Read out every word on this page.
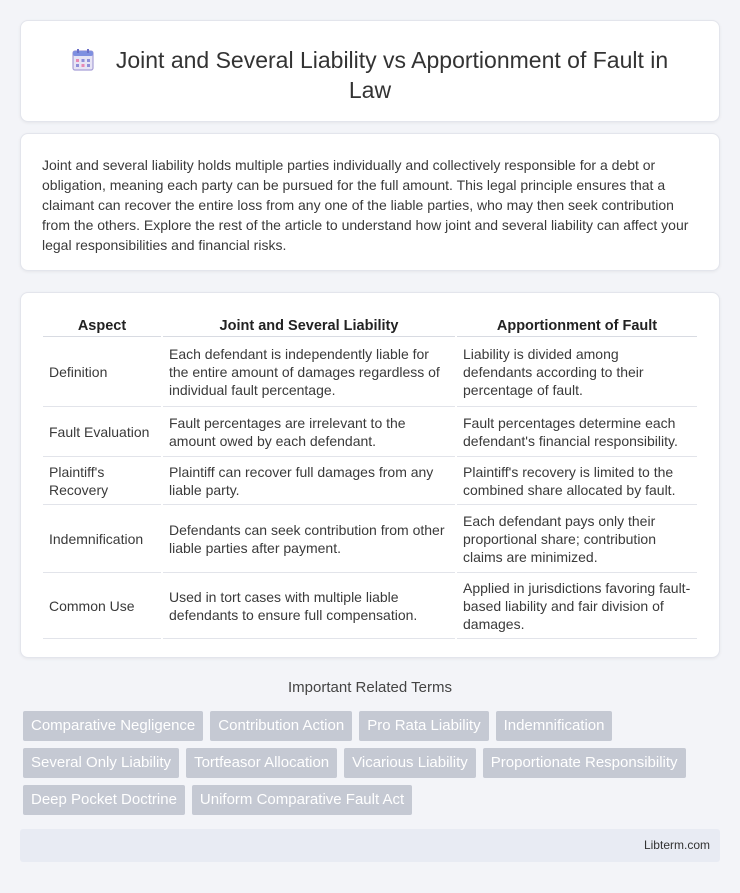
Joint and Several Liability vs Apportionment of Fault in Law

Joint and several liability holds multiple parties individually and collectively responsible for a debt or obligation, meaning each party can be pursued for the full amount. This legal principle ensures that a claimant can recover the entire loss from any one of the liable parties, who may then seek contribution from the others. Explore the rest of the article to understand how joint and several liability can affect your legal responsibilities and financial risks.

Aspect	Joint and Several Liability	Apportionment of Fault
Definition	Each defendant is independently liable for the entire amount of damages regardless of individual fault percentage.	Liability is divided among defendants according to their percentage of fault.
Fault Evaluation	Fault percentages are irrelevant to the amount owed by each defendant.	Fault percentages determine each defendant's financial responsibility.
Plaintiff's Recovery	Plaintiff can recover full damages from any liable party.	Plaintiff's recovery is limited to the combined share allocated by fault.
Indemnification	Defendants can seek contribution from other liable parties after payment.	Each defendant pays only their proportional share; contribution claims are minimized.
Common Use	Used in tort cases with multiple liable defendants to ensure full compensation.	Applied in jurisdictions favoring fault-based liability and fair division of damages.
Important Related Terms
Comparative Negligence	Contribution Action	Pro Rata Liability	Indemnification
Several Only Liability	Tortfeasor Allocation	Vicarious Liability	Proportionate Responsibility
Deep Pocket Doctrine	Uniform Comparative Fault Act
Libterm.com
